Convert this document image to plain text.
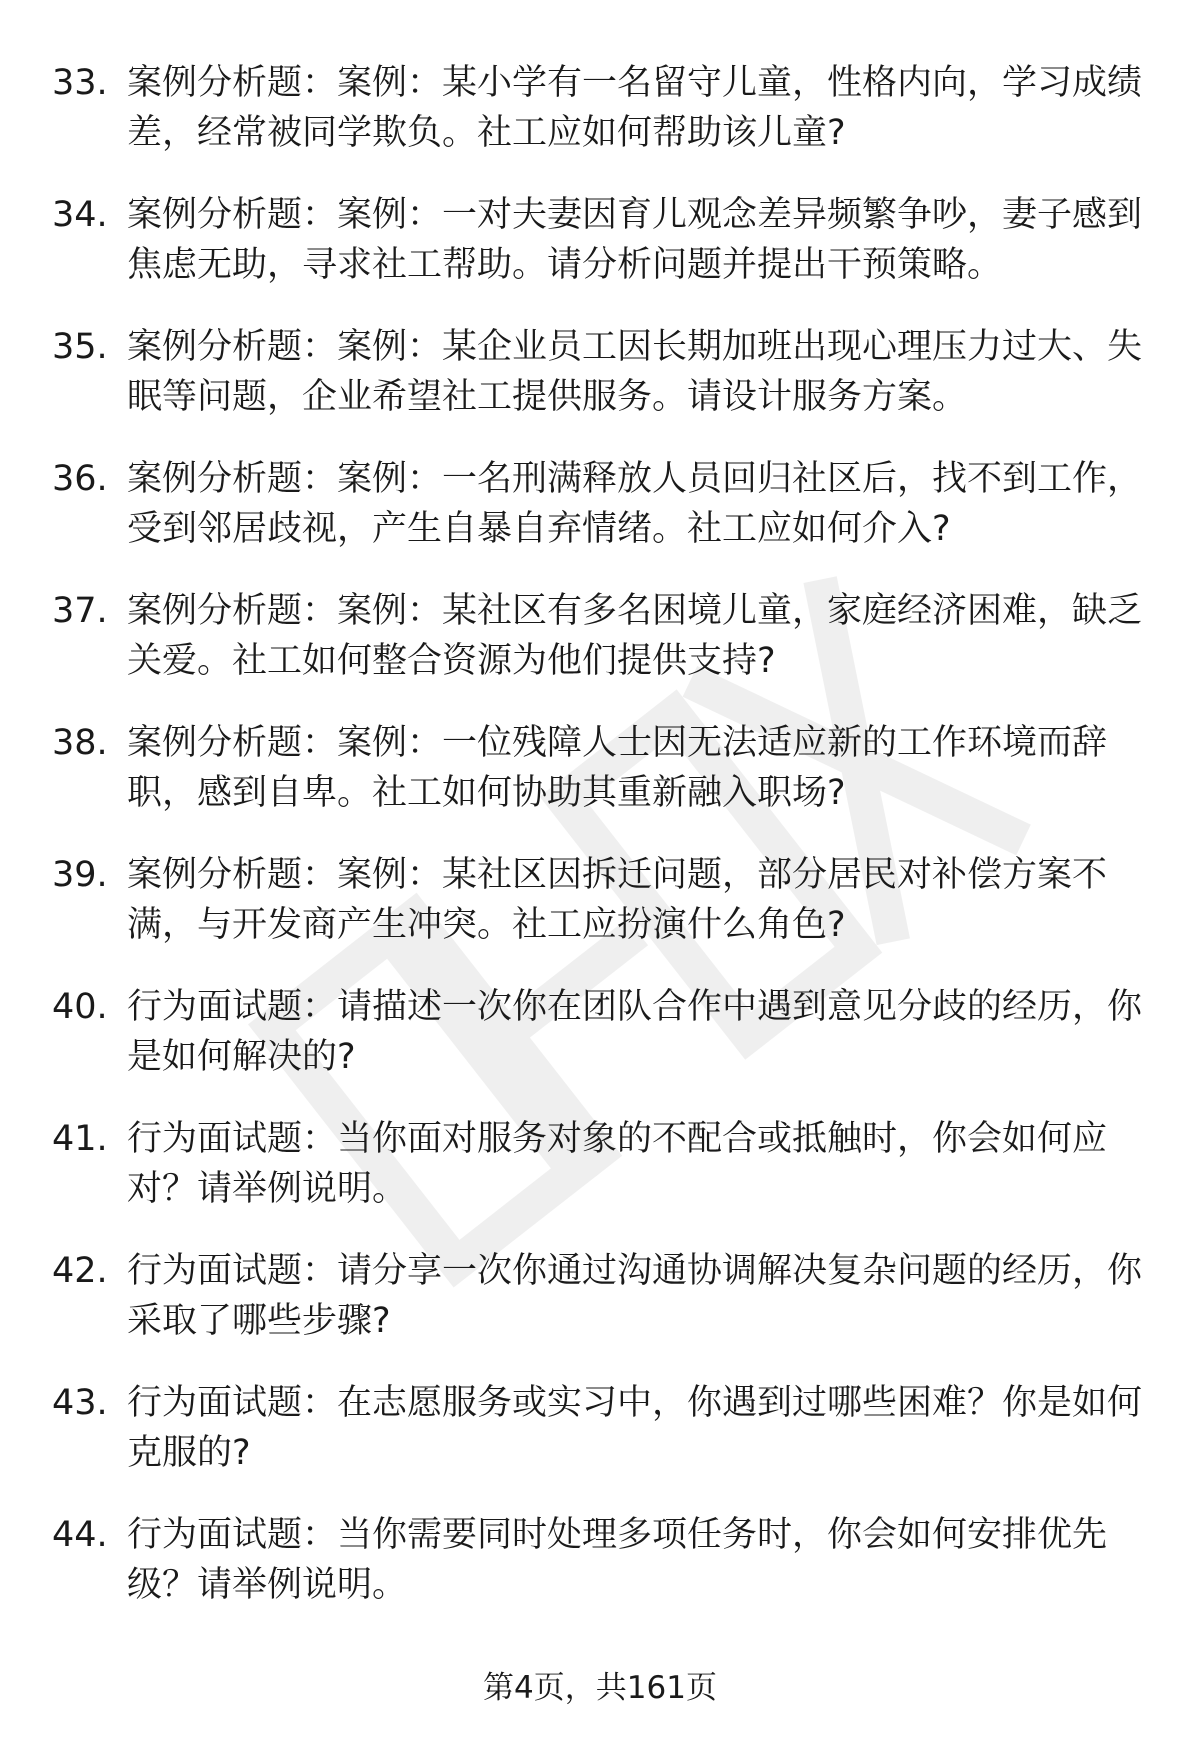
33. 案例分析题：案例：某小学有一名留守儿童，性格内向，学习成绩差，经常被同学欺负。社工应如何帮助该儿童?
34. 案例分析题：案例：一对夫妻因育儿观念差异频繁争吵，妻子感到焦虑无助，寻求社工帮助。请分析问题并提出干预策略。
35. 案例分析题：案例：某企业员工因长期加班出现心理压力过大、失眠等问题，企业希望社工提供服务。请设计服务方案。
36. 案例分析题：案例：一名刑满释放人员回归社区后，找不到工作，受到邻居歧视，产生自暴自弃情绪。社工应如何介入?
37. 案例分析题：案例：某社区有多名困境儿童，家庭经济困难，缺乏关爱。社工如何整合资源为他们提供支持?
38. 案例分析题：案例：一位残障人士因无法适应新的工作环境而辞职，感到自卑。社工如何协助其重新融入职场?
39. 案例分析题：案例：某社区因拆迁问题，部分居民对补偿方案不满，与开发商产生冲突。社工应扮演什么角色?
40. 行为面试题：请描述一次你在团队合作中遇到意见分歧的经历，你是如何解决的?
41. 行为面试题：当你面对服务对象的不配合或抵触时，你会如何应对？请举例说明。
42. 行为面试题：请分享一次你通过沟通协调解决复杂问题的经历，你采取了哪些步骤?
43. 行为面试题：在志愿服务或实习中，你遇到过哪些困难？你是如何克服的?
44. 行为面试题：当你需要同时处理多项任务时，你会如何安排优先级？请举例说明。
第4页，共161页
